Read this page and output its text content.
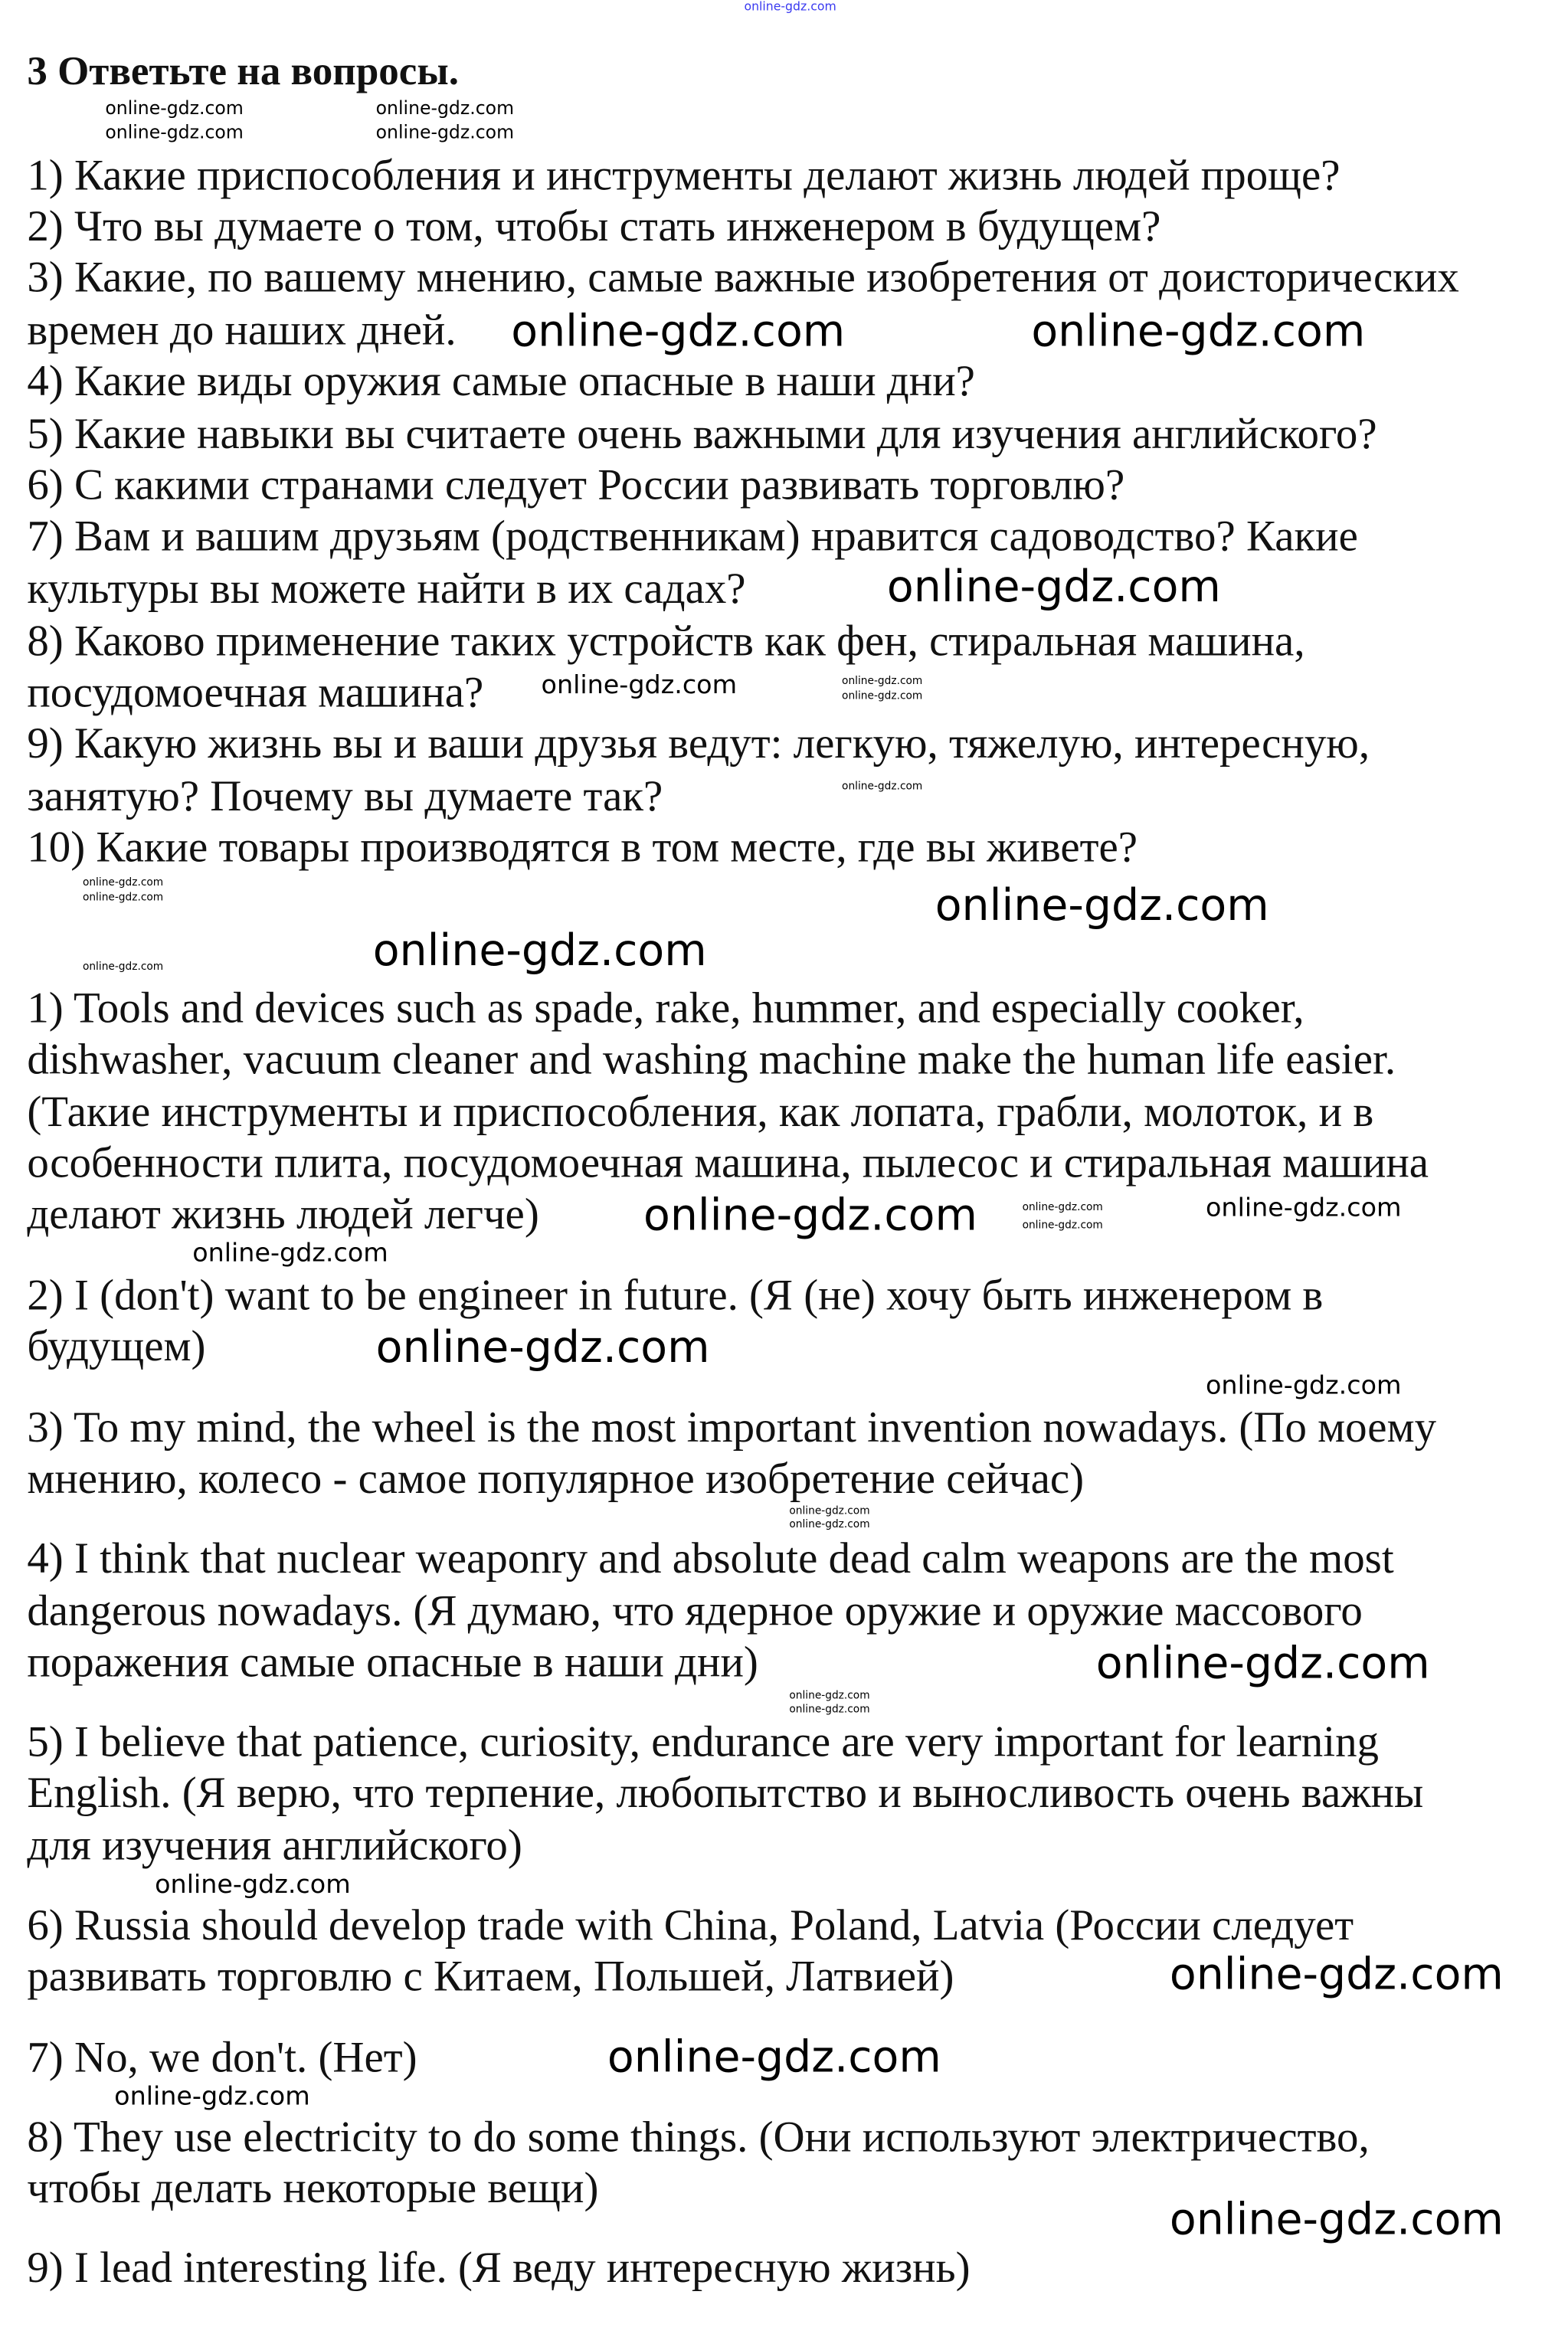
3 Ответьте на вопросы.
1) Какие приспособления и инструменты делают жизнь людей проще?
2) Что вы думаете о том, чтобы стать инженером в будущем?
3) Какие, по вашему мнению, самые важные изобретения от доисторических
времен до наших дней.
4) Какие виды оружия самые опасные в наши дни?
5) Какие навыки вы считаете очень важными для изучения английского?
6) С какими странами следует России развивать торговлю?
7) Вам и вашим друзьям (родственникам) нравится садоводство? Какие
культуры вы можете найти в их садах?
8) Каково применение таких устройств как фен, стиральная машина,
посудомоечная машина?
9) Какую жизнь вы и ваши друзья ведут: легкую, тяжелую, интересную,
занятую? Почему вы думаете так?
10) Какие товары производятся в том месте, где вы живете?
1) Tools and devices such as spade, rake, hummer, and especially cooker,
dishwasher, vacuum cleaner and washing machine make the human life easier.
(Такие инструменты и приспособления, как лопата, грабли, молоток, и в
особенности плита, посудомоечная машина, пылесос и стиральная машина
делают жизнь людей легче)
2) I (don't) want to be engineer in future. (Я (не) хочу быть инженером в
будущем)
3) To my mind, the wheel is the most important invention nowadays. (По моему
мнению, колесо - самое популярное изобретение сейчас)
4) I think that nuclear weaponry and absolute dead calm weapons are the most
dangerous nowadays. (Я думаю, что ядерное оружие и оружие массового
поражения самые опасные в наши дни)
5) I believe that patience, curiosity, endurance are very important for learning
English. (Я верю, что терпение, любопытство и выносливость очень важны
для изучения английского)
6) Russia should develop trade with China, Poland, Latvia (России следует
развивать торговлю с Китаем, Польшей, Латвией)
7) No, we don't. (Нет)
8) They use electricity to do some things. (Они используют электричество,
чтобы делать некоторые вещи)
9) I lead interesting life. (Я веду интересную жизнь)
online-gdz.com
online-gdz.com	online-gdz.com
online-gdz.com
online-gdz.com
online-gdz.com
online-gdz.com
online-gdz.com
online-gdz.com
online-gdz.com
online-gdz.com
online-gdz.com
online-gdz.com	online-gdz.com
online-gdz.com	online-gdz.com
online-gdz.com
online-gdz.com
online-gdz.com
online-gdz.com
online-gdz.com
online-gdz.com
online-gdz.com
online-gdz.com
online-gdz.com
online-gdz.com
online-gdz.com
online-gdz.com
online-gdz.com
online-gdz.com
online-gdz.com
online-gdz.com
online-gdz.com
online-gdz.com
